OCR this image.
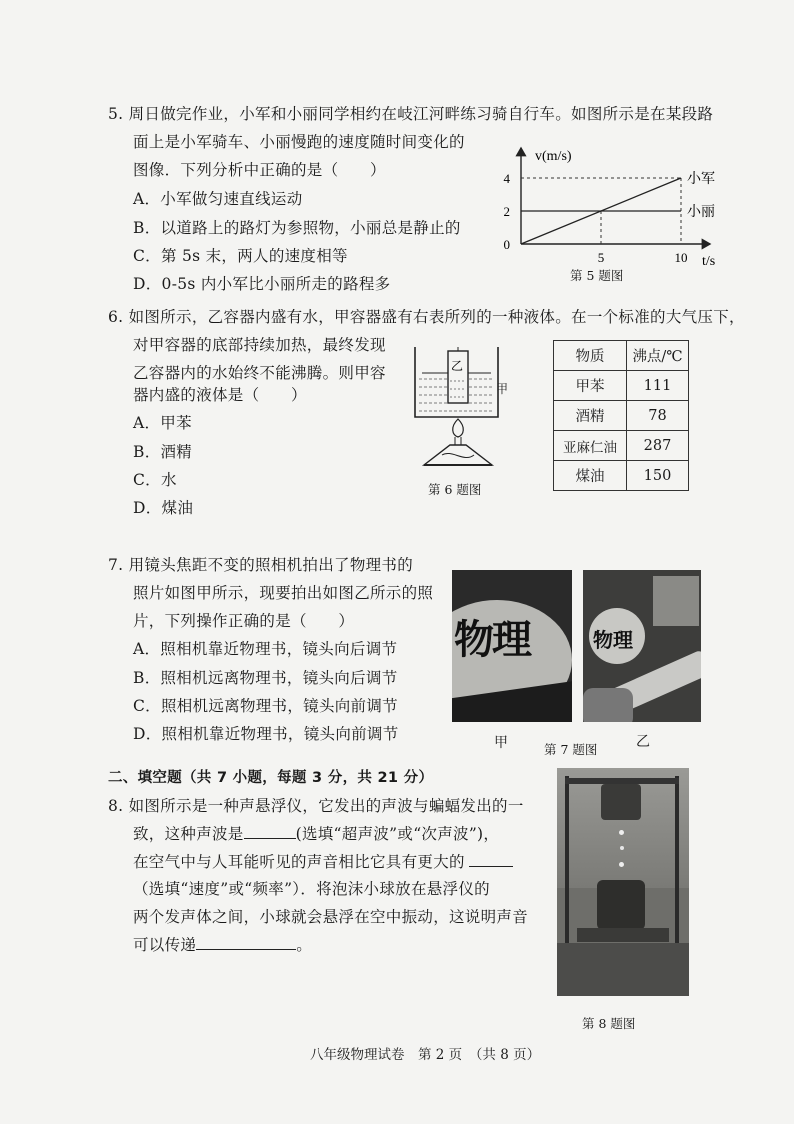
5. 周日做完作业，小军和小丽同学相约在岐江河畔练习骑自行车。如图所示是在某段路
面上是小军骑车、小丽慢跑的速度随时间变化的
图像．下列分析中正确的是（　　）
A．小军做匀速直线运动
B．以道路上的路灯为参照物，小丽总是静止的
C．第 5s 末，两人的速度相等
D．0-5s 内小军比小丽所走的路程多
小军
小丽
v(m/s)
t/s
0
2
4
5	10
第 5 题图
6. 如图所示，乙容器内盛有水，甲容器盛有右表所列的一种液体。在一个标准的大气压下，
对甲容器的底部持续加热，最终发现
乙容器内的水始终不能沸腾。则甲容
器内盛的液体是（　　）
A．甲苯
B．酒精
C．水
D．煤油
乙
甲
第 6 题图
物质	沸点/℃
甲苯	111
酒精	78
亚麻仁油	287
煤油	150
7. 用镜头焦距不变的照相机拍出了物理书的
照片如图甲所示，现要拍出如图乙所示的照
片，下列操作正确的是（　　）
A．照相机靠近物理书，镜头向后调节
B．照相机远离物理书，镜头向后调节
C．照相机远离物理书，镜头向前调节
D．照相机靠近物理书，镜头向前调节
物理	物理
甲	第 7 题图	乙
二、填空题（共 7 小题，每题 3 分，共 21 分）
8. 如图所示是一种声悬浮仪，它发出的声波与蝙蝠发出的一
致，这种声波是	(选填“超声波”或“次声波”)，
在空气中与人耳能听见的声音相比它具有更大的
（选填“速度”或“频率”）．将泡沫小球放在悬浮仪的
两个发声体之间，小球就会悬浮在空中振动，这说明声音
可以传递	。
第 8 题图
八年级物理试卷　第 2 页　（共 8 页）
